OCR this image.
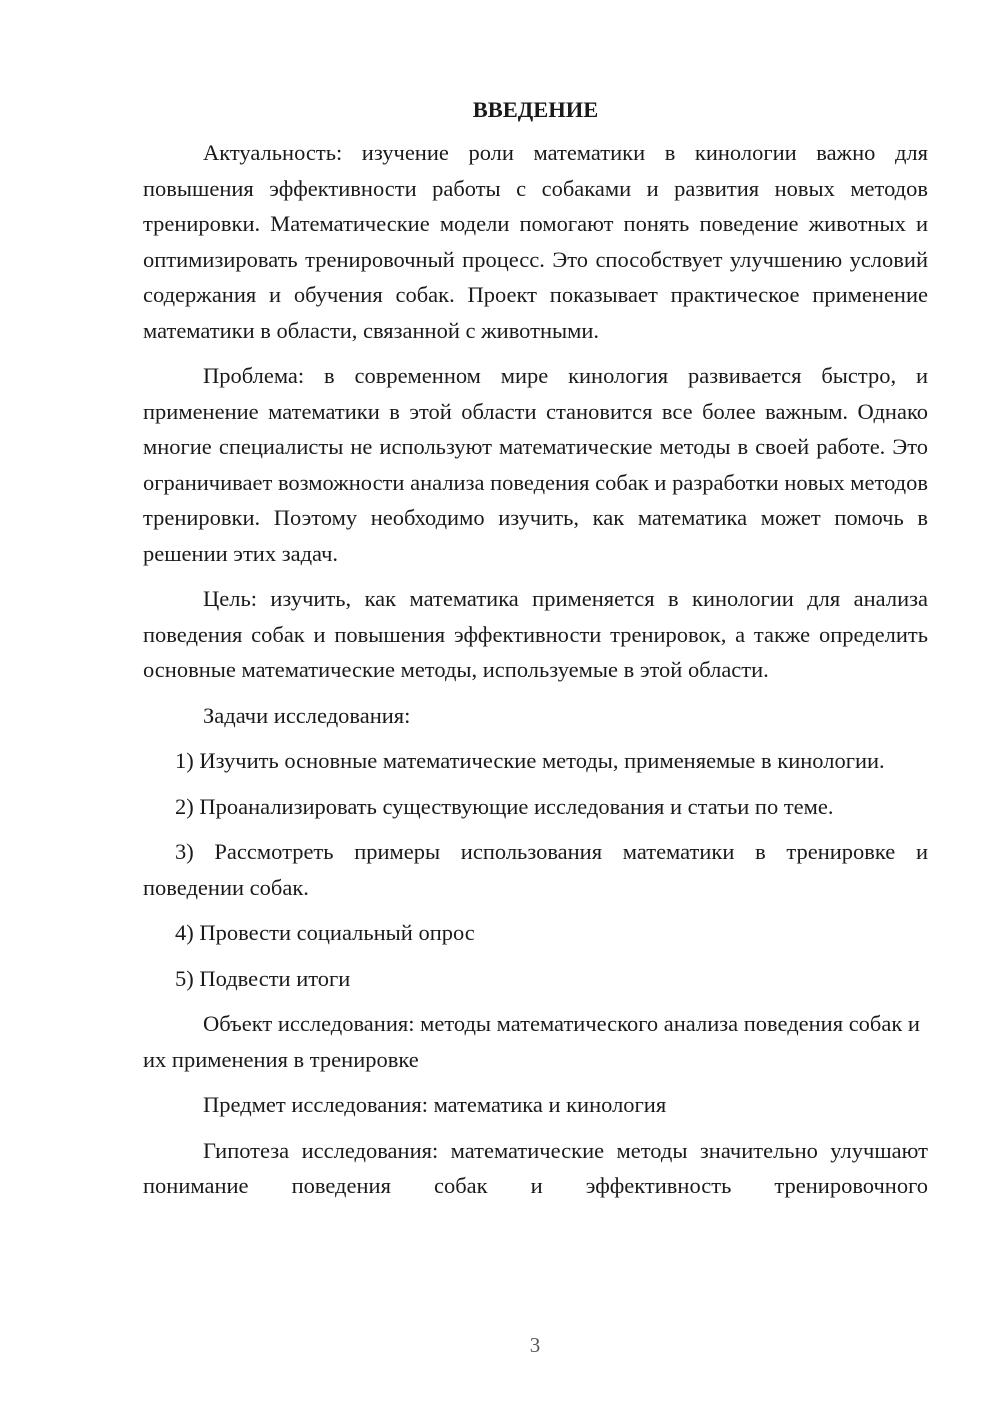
ВВЕДЕНИЕ

Актуальность: изучение роли математики в кинологии важно для повышения эффективности работы с собаками и развития новых методов тренировки. Математические модели помогают понять поведение животных и оптимизировать тренировочный процесс. Это способствует улучшению условий содержания и обучения собак. Проект показывает практическое применение математики в области, связанной с животными.

Проблема: в современном мире кинология развивается быстро, и применение математики в этой области становится все более важным. Однако многие специалисты не используют математические методы в своей работе. Это ограничивает возможности анализа поведения собак и разработки новых методов тренировки. Поэтому необходимо изучить, как математика может помочь в решении этих задач.

Цель: изучить, как математика применяется в кинологии для анализа поведения собак и повышения эффективности тренировок, а также определить основные математические методы, используемые в этой области.

Задачи исследования:

1) Изучить основные математические методы, применяемые в кинологии.

2) Проанализировать существующие исследования и статьи по теме.

3) Рассмотреть примеры использования математики в тренировке и поведении собак.

4) Провести социальный опрос

5) Подвести итоги

Объект исследования: методы математического анализа поведения собак и их применения в тренировке

Предмет исследования: математика и кинология

Гипотеза исследования: математические методы значительно улучшают понимание поведения собак и эффективность тренировочного

3
